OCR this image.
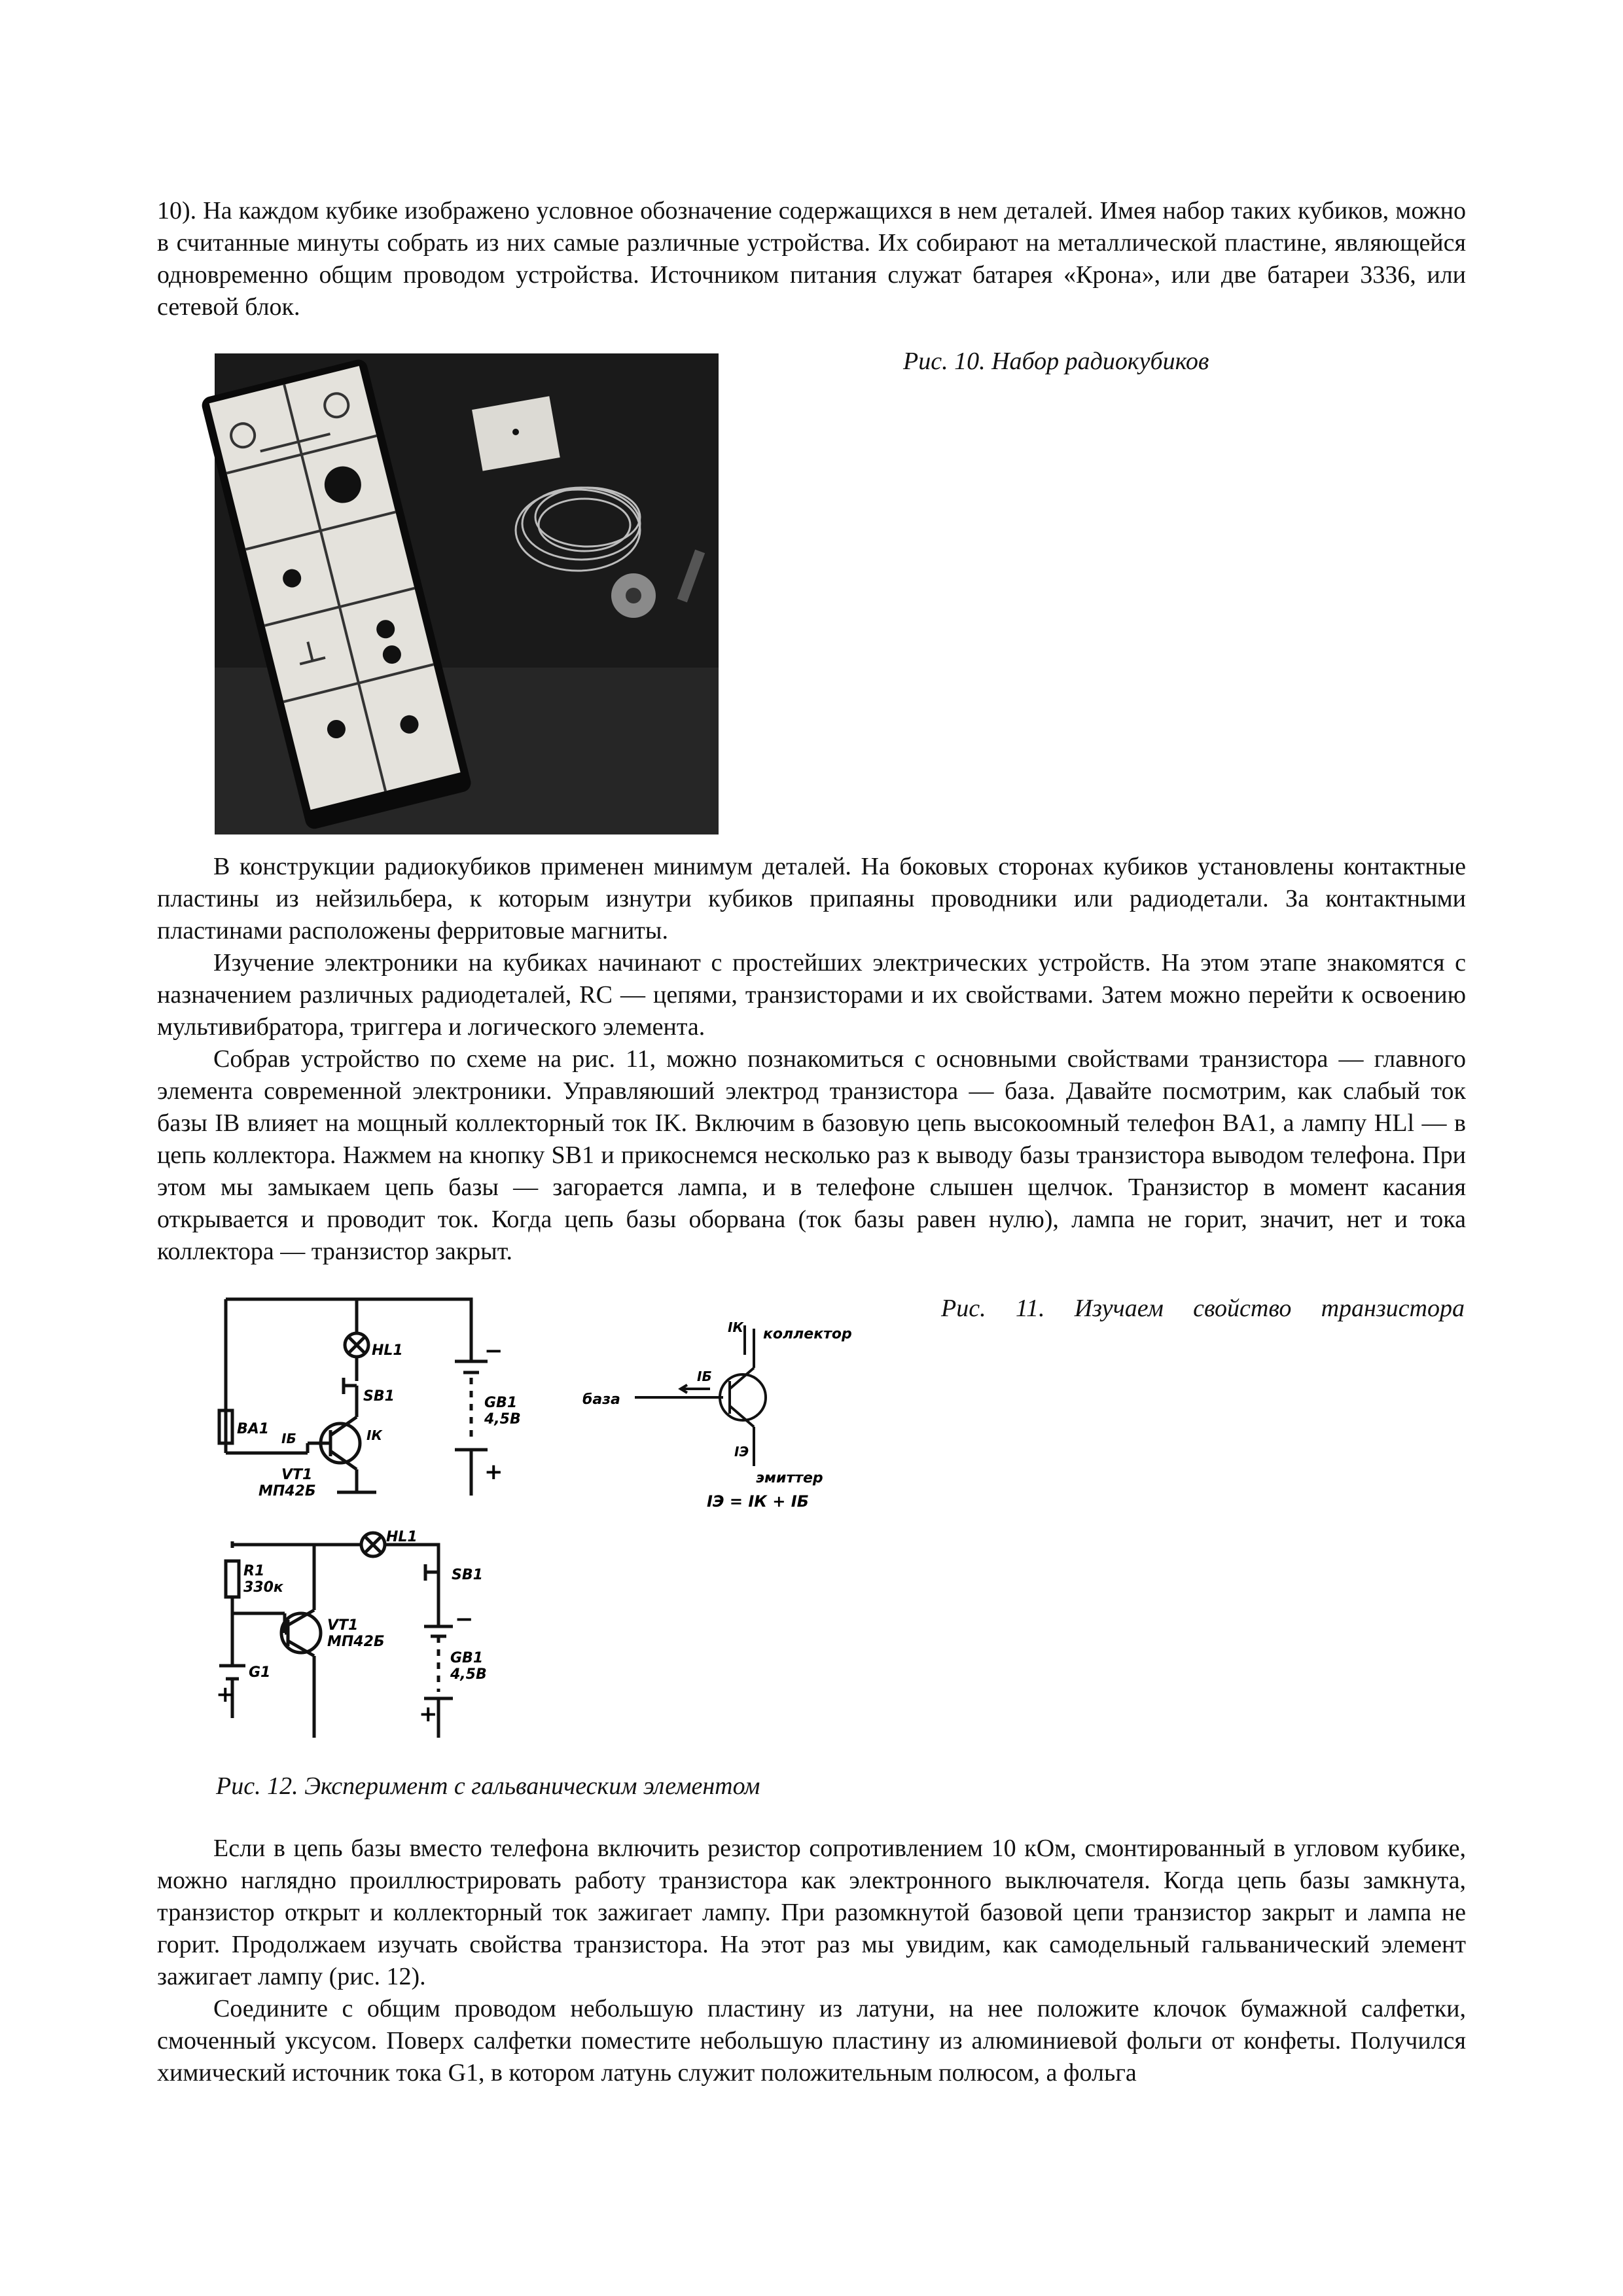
10). На каждом кубике изображено условное обозначение содержащихся в нем деталей. Имея набор таких кубиков, можно в считанные минуты собрать из них самые различные устройства. Их собирают на металлической пластине, являющейся одновременно общим проводом устройства. Источником питания служат батарея «Крона», или две батареи 3336, или сетевой блок.

Рис. 10. Набор радиокубиков

В конструкции радиокубиков применен минимум деталей. На боковых сторонах кубиков установлены контактные пластины из нейзильбера, к которым изнутри кубиков припаяны проводники или радиодетали. За контактными пластинами расположены ферритовые магниты.

Изучение электроники на кубиках начинают с простейших электрических устройств. На этом этапе знакомятся с назначением различных радиодеталей, RC — цепями, транзисторами и их свойствами. Затем можно перейти к освоению мультивибратора, триггера и логического элемента.

Собрав устройство по схеме на рис. 11, можно познакомиться с основными свойствами транзистора — главного элемента современной электроники. Управляюший электрод транзистора — база. Давайте посмотрим, как слабый ток базы IB влияет на мощный коллекторный ток IK. Включим в базовую цепь высокоомный телефон BA1, а лампу HLl — в цепь коллектора. Нажмем на кнопку SB1 и прикоснемся несколько раз к выводу базы транзистора выводом телефона. При этом мы замыкаем цепь базы — загорается лампа, и в телефоне слышен щелчок. Транзистор в момент касания открывается и проводит ток. Когда цепь базы оборвана (ток базы равен нулю), лампа не горит, значит, нет и тока коллектора — транзистор закрыт.

HL1
SB1
BA1
IБ	IК
VT1
МП42Б
GB1
4,5В
−
+
база
коллектор
эмиттер
IБ
IК
IЭ
IЭ = IК + IБ
Рис. 11. Изучаем свойство транзистора
R1
330к
HL1
SB1
VT1
МП42Б
GB1
4,5В
G1
+
−
+

Рис. 12. Эксперимент с гальваническим элементом

Если в цепь базы вместо телефона включить резистор сопротивлением 10 кОм, смонтированный в угловом кубике, можно наглядно проиллюстрировать работу транзистора как электронного выключателя. Когда цепь базы замкнута, транзистор открыт и коллекторный ток зажигает лампу. При разомкнутой базовой цепи транзистор закрыт и лампа не горит. Продолжаем изучать свойства транзистора. На этот раз мы увидим, как самодельный гальванический элемент зажигает лампу (рис. 12).

Соедините с общим проводом небольшую пластину из латуни, на нее положите клочок бумажной салфетки, смоченный уксусом. Поверх салфетки поместите небольшую пластину из алюминиевой фольги от конфеты. Получился химический источник тока G1, в котором латунь служит положительным полюсом, а фольга
